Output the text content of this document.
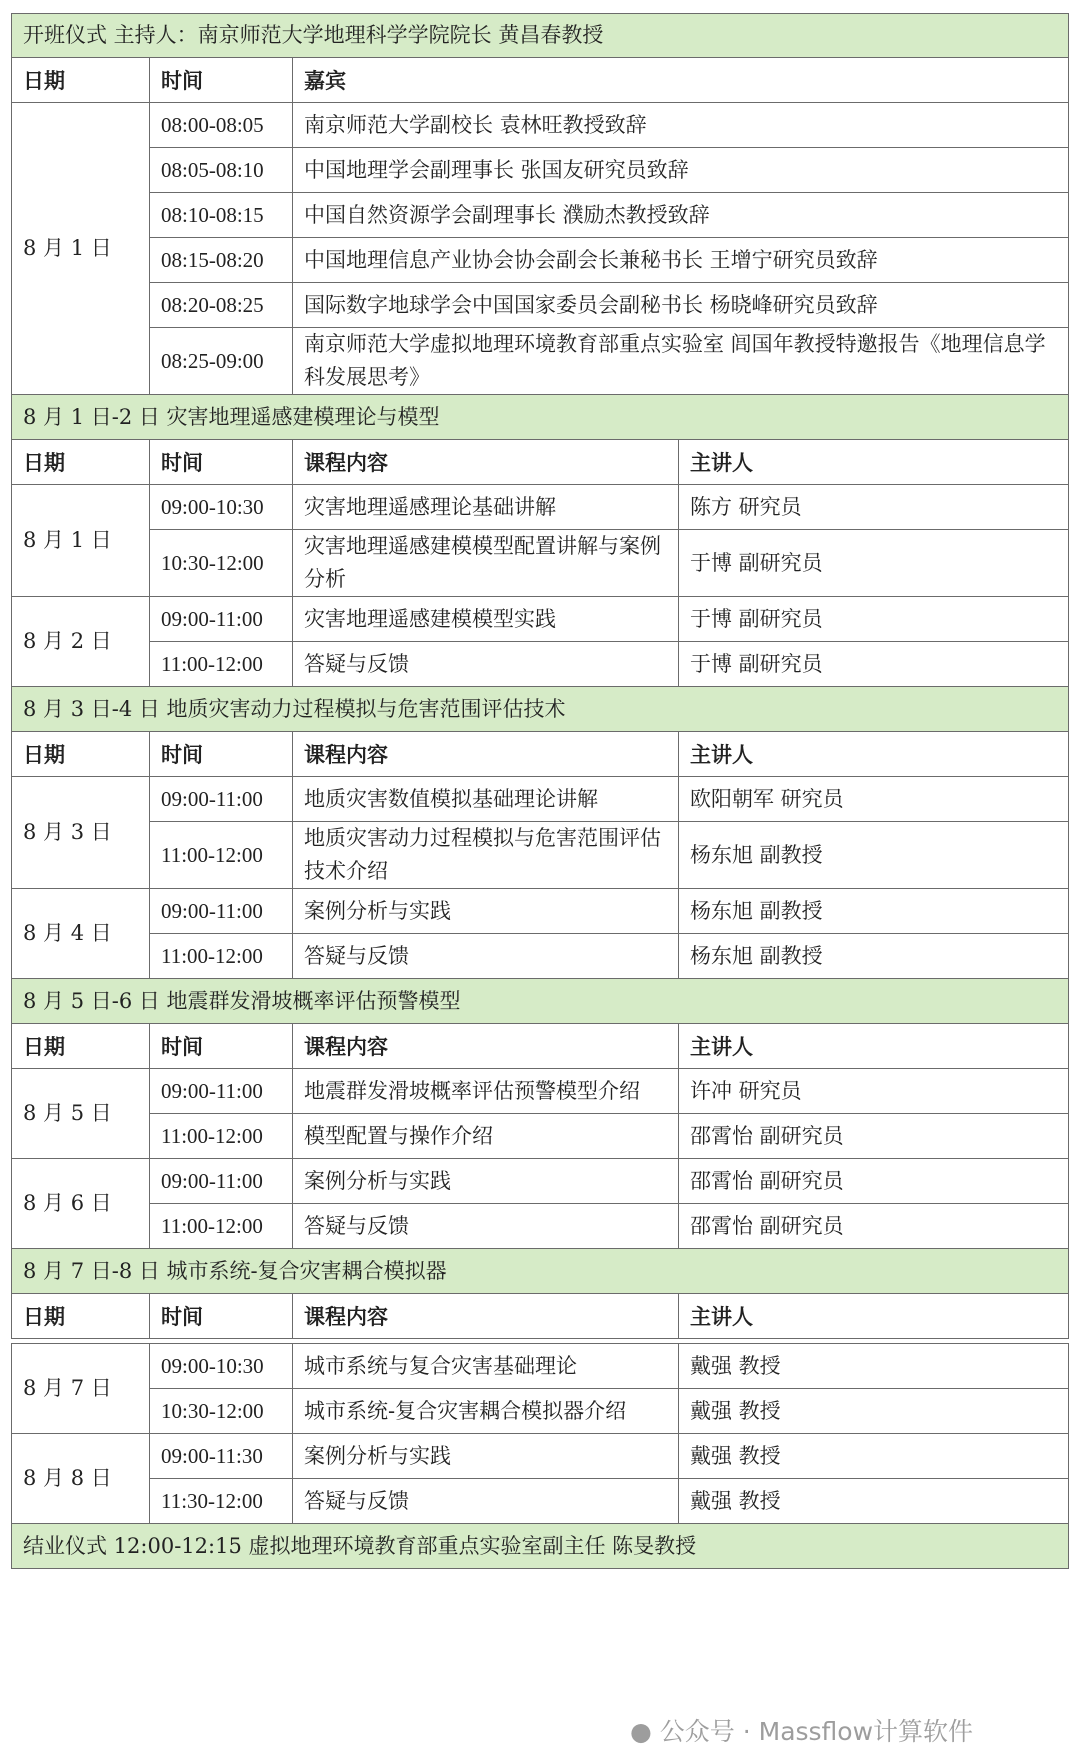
开班仪式 主持人：南京师范大学地理科学学院院长 黄昌春教授			
日期	时间	嘉宾	
8 月 1 日	08:00-08:05	南京师范大学副校长 袁林旺教授致辞	
	08:05-08:10	中国地理学会副理事长 张国友研究员致辞	
	08:10-08:15	中国自然资源学会副理事长 濮励杰教授致辞	
	08:15-08:20	中国地理信息产业协会协会副会长兼秘书长 王增宁研究员致辞	
	08:20-08:25	国际数字地球学会中国国家委员会副秘书长 杨晓峰研究员致辞	
	08:25-09:00	南京师范大学虚拟地理环境教育部重点实验室 闾国年教授特邀报告《地理信息学科发展思考》	
8 月 1 日-2 日 灾害地理遥感建模理论与模型			
日期	时间	课程内容	主讲人
8 月 1 日	09:00-10:30	灾害地理遥感理论基础讲解	陈方 研究员
	10:30-12:00	灾害地理遥感建模模型配置讲解与案例分析	于博 副研究员
8 月 2 日	09:00-11:00	灾害地理遥感建模模型实践	于博 副研究员
	11:00-12:00	答疑与反馈	于博 副研究员
8 月 3 日-4 日 地质灾害动力过程模拟与危害范围评估技术			
日期	时间	课程内容	主讲人
8 月 3 日	09:00-11:00	地质灾害数值模拟基础理论讲解	欧阳朝军 研究员
	11:00-12:00	地质灾害动力过程模拟与危害范围评估技术介绍	杨东旭 副教授
8 月 4 日	09:00-11:00	案例分析与实践	杨东旭 副教授
	11:00-12:00	答疑与反馈	杨东旭 副教授
8 月 5 日-6 日 地震群发滑坡概率评估预警模型			
日期	时间	课程内容	主讲人
8 月 5 日	09:00-11:00	地震群发滑坡概率评估预警模型介绍	许冲 研究员
	11:00-12:00	模型配置与操作介绍	邵霄怡 副研究员
8 月 6 日	09:00-11:00	案例分析与实践	邵霄怡 副研究员
	11:00-12:00	答疑与反馈	邵霄怡 副研究员
8 月 7 日-8 日 城市系统-复合灾害耦合模拟器			
日期	时间	课程内容	主讲人

8 月 7 日	09:00-10:30	城市系统与复合灾害基础理论	戴强 教授
	10:30-12:00	城市系统-复合灾害耦合模拟器介绍	戴强 教授
8 月 8 日	09:00-11:30	案例分析与实践	戴强 教授
	11:30-12:00	答疑与反馈	戴强 教授
结业仪式 12:00-12:15 虚拟地理环境教育部重点实验室副主任 陈旻教授			
● 公众号 · Massflow计算软件
